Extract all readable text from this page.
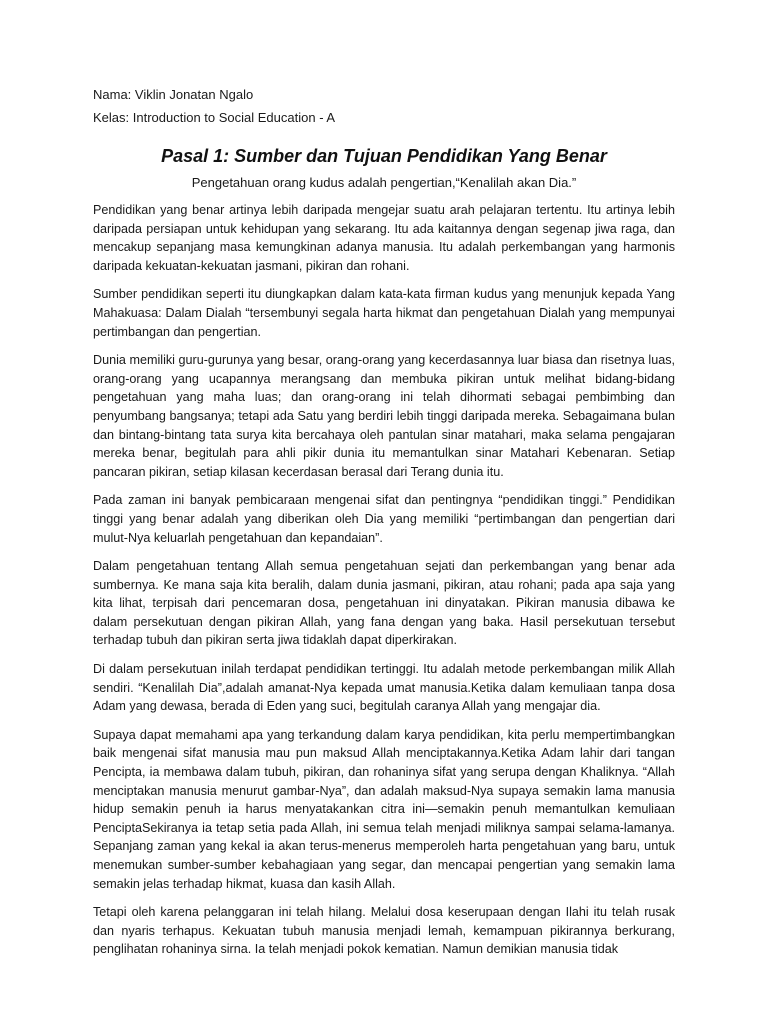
Nama: Viklin Jonatan Ngalo

Kelas: Introduction to Social Education - A

Pasal 1: Sumber dan Tujuan Pendidikan Yang Benar

Pengetahuan orang kudus adalah pengertian,“Kenalilah akan Dia.”

Pendidikan yang benar artinya lebih daripada mengejar suatu arah pelajaran tertentu. Itu artinya lebih daripada persiapan untuk kehidupan yang sekarang. Itu ada kaitannya dengan segenap jiwa raga, dan mencakup sepanjang masa kemungkinan adanya manusia. Itu adalah perkembangan yang harmonis daripada kekuatan-kekuatan jasmani, pikiran dan rohani.

Sumber pendidikan seperti itu diungkapkan dalam kata-kata firman kudus yang menunjuk kepada Yang Mahakuasa: Dalam Dialah “tersembunyi segala harta hikmat dan pengetahuan Dialah yang mempunyai pertimbangan dan pengertian.

Dunia memiliki guru-gurunya yang besar, orang-orang yang kecerdasannya luar biasa dan risetnya luas, orang-orang yang ucapannya merangsang dan membuka pikiran untuk melihat bidang-bidang pengetahuan yang maha luas; dan orang-orang ini telah dihormati sebagai pembimbing dan penyumbang bangsanya; tetapi ada Satu yang berdiri lebih tinggi daripada mereka. Sebagaimana bulan dan bintang-bintang tata surya kita bercahaya oleh pantulan sinar matahari, maka selama pengajaran mereka benar, begitulah para ahli pikir dunia itu memantulkan sinar Matahari Kebenaran. Setiap pancaran pikiran, setiap kilasan kecerdasan berasal dari Terang dunia itu.

Pada zaman ini banyak pembicaraan mengenai sifat dan pentingnya “pendidikan tinggi.” Pendidikan tinggi yang benar adalah yang diberikan oleh Dia yang memiliki “pertimbangan dan pengertian dari mulut-Nya keluarlah pengetahuan dan kepandaian”.

Dalam pengetahuan tentang Allah semua pengetahuan sejati dan perkembangan yang benar ada sumbernya. Ke mana saja kita beralih, dalam dunia jasmani, pikiran, atau rohani; pada apa saja yang kita lihat, terpisah dari pencemaran dosa, pengetahuan ini dinyatakan. Pikiran manusia dibawa ke dalam persekutuan dengan pikiran Allah, yang fana dengan yang baka. Hasil persekutuan tersebut terhadap tubuh dan pikiran serta jiwa tidaklah dapat diperkirakan.

Di dalam persekutuan inilah terdapat pendidikan tertinggi. Itu adalah metode perkembangan milik Allah sendiri. “Kenalilah Dia”,adalah amanat-Nya kepada umat manusia.Ketika dalam kemuliaan tanpa dosa Adam yang dewasa, berada di Eden yang suci, begitulah caranya Allah yang mengajar dia.

Supaya dapat memahami apa yang terkandung dalam karya pendidikan, kita perlu mempertimbangkan baik mengenai sifat manusia mau pun maksud Allah menciptakannya.Ketika Adam lahir dari tangan Pencipta, ia membawa dalam tubuh, pikiran, dan rohaninya sifat yang serupa dengan Khaliknya. “Allah menciptakan manusia menurut gambar-Nya”, dan adalah maksud-Nya supaya semakin lama manusia hidup semakin penuh ia harus menyatakankan citra ini—semakin penuh memantulkan kemuliaan PenciptaSekiranya ia tetap setia pada Allah, ini semua telah menjadi miliknya sampai selama-lamanya. Sepanjang zaman yang kekal ia akan terus-menerus memperoleh harta pengetahuan yang baru, untuk menemukan sumber-sumber kebahagiaan yang segar, dan mencapai pengertian yang semakin lama semakin jelas terhadap hikmat, kuasa dan kasih Allah.

Tetapi oleh karena pelanggaran ini telah hilang. Melalui dosa keserupaan dengan Ilahi itu telah rusak dan nyaris terhapus. Kekuatan tubuh manusia menjadi lemah, kemampuan pikirannya berkurang, penglihatan rohaninya sirna. Ia telah menjadi pokok kematian. Namun demikian manusia tidak
